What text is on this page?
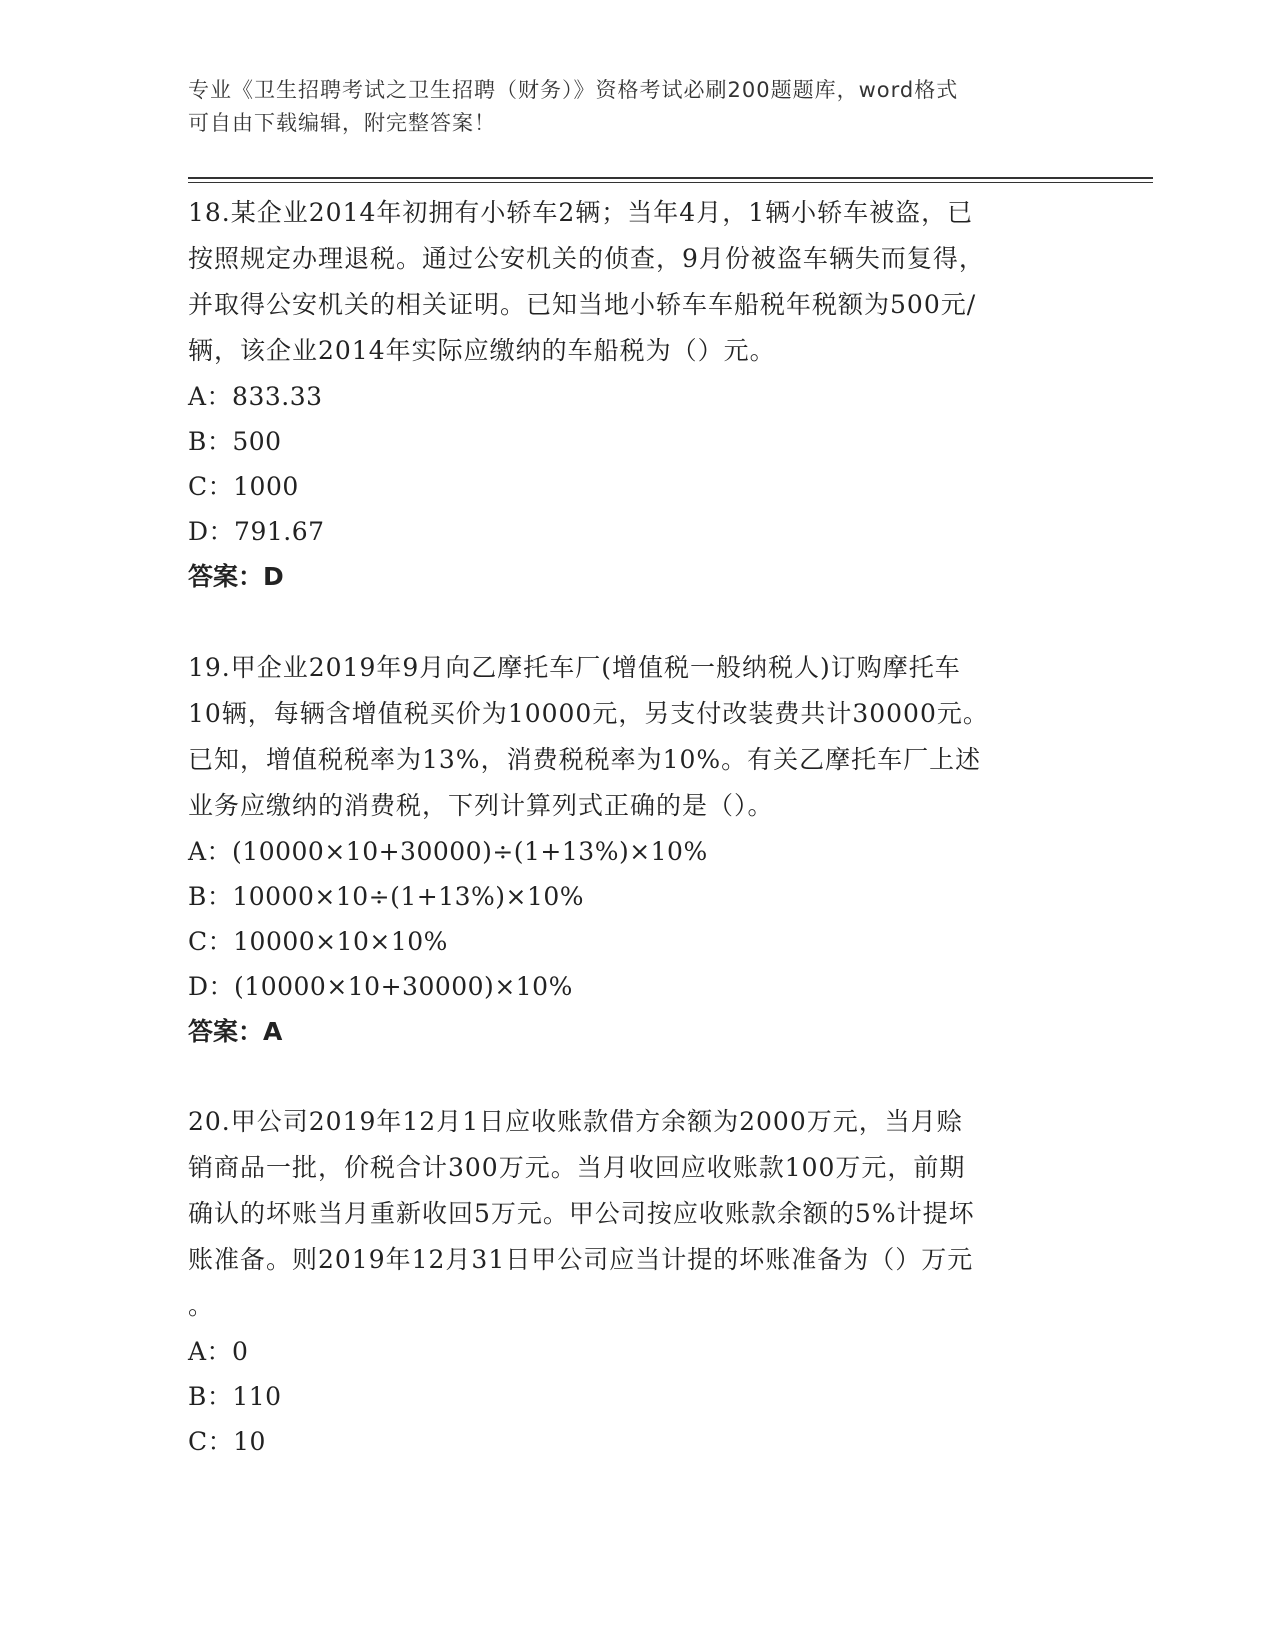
专业《卫生招聘考试之卫生招聘（财务）》资格考试必刷200题题库，word格式
可自由下载编辑，附完整答案！

18.某企业2014年初拥有小轿车2辆；当年4月，1辆小轿车被盗，已

按照规定办理退税。通过公安机关的侦查，9月份被盗车辆失而复得，

并取得公安机关的相关证明。已知当地小轿车车船税年税额为500元/

辆，该企业2014年实际应缴纳的车船税为（）元。

A：833.33

B：500

C：1000

D：791.67

答案：D

19.甲企业2019年9月向乙摩托车厂(增值税一般纳税人)订购摩托车

10辆，每辆含增值税买价为10000元，另支付改装费共计30000元。

已知，增值税税率为13%，消费税税率为10%。有关乙摩托车厂上述

业务应缴纳的消费税，下列计算列式正确的是（）。

A：(10000×10+30000)÷(1+13%)×10%

B：10000×10÷(1+13%)×10%

C：10000×10×10%

D：(10000×10+30000)×10%

答案：A

20.甲公司2019年12月1日应收账款借方余额为2000万元，当月赊

销商品一批，价税合计300万元。当月收回应收账款100万元，前期

确认的坏账当月重新收回5万元。甲公司按应收账款余额的5%计提坏

账准备。则2019年12月31日甲公司应当计提的坏账准备为（）万元

。

A：0

B：110

C：10
